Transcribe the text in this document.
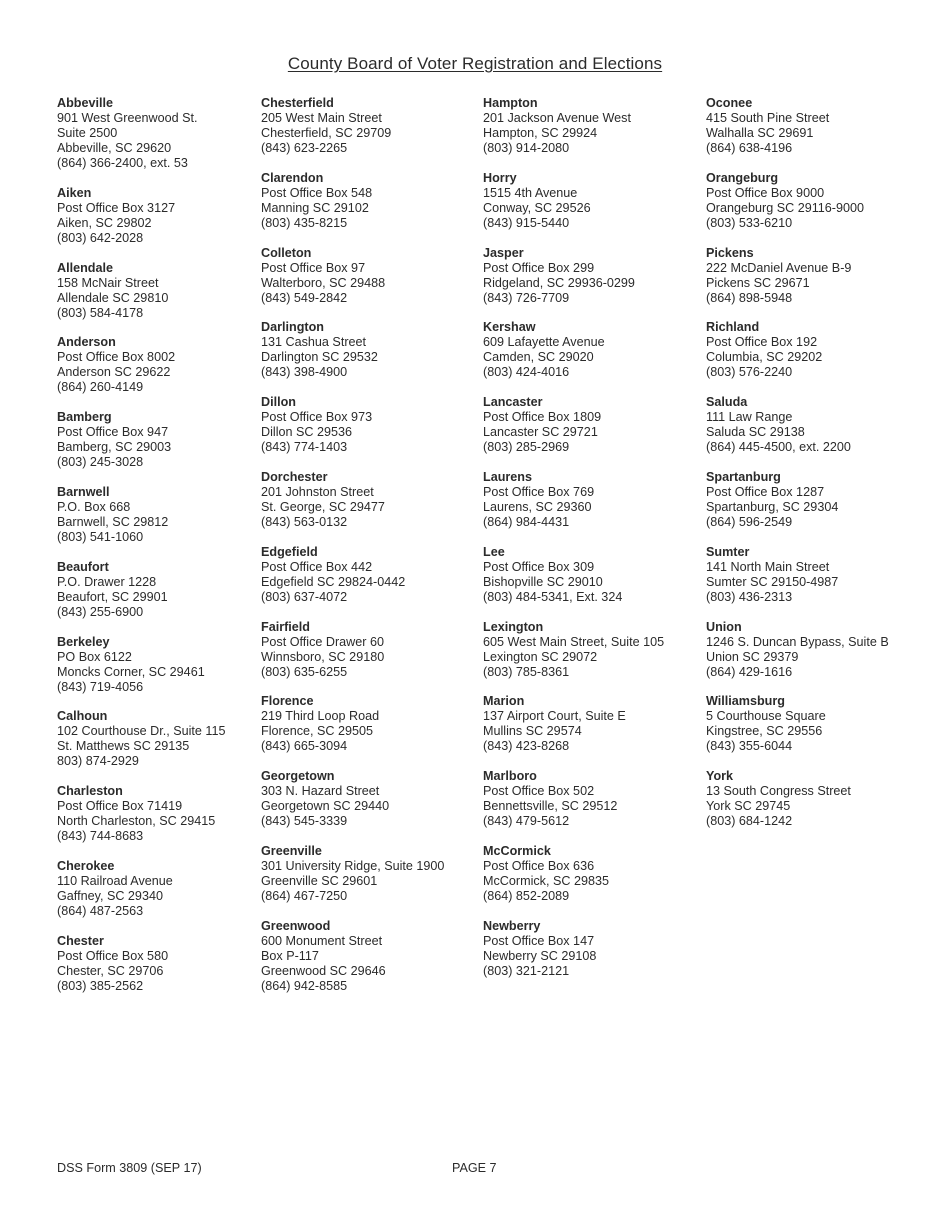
County Board of Voter Registration and Elections
Abbeville
901 West Greenwood St.
Suite 2500
Abbeville, SC 29620
(864) 366-2400, ext. 53
Aiken
Post Office Box 3127
Aiken, SC 29802
(803) 642-2028
Allendale
158 McNair Street
Allendale SC 29810
(803) 584-4178
Anderson
Post Office Box 8002
Anderson SC 29622
(864) 260-4149
Bamberg
Post Office Box 947
Bamberg, SC 29003
(803) 245-3028
Barnwell
P.O. Box 668
Barnwell, SC 29812
(803) 541-1060
Beaufort
P.O. Drawer 1228
Beaufort, SC 29901
(843) 255-6900
Berkeley
PO Box 6122
Moncks Corner, SC 29461
(843) 719-4056
Calhoun
102 Courthouse Dr., Suite 115
St. Matthews SC 29135
803) 874-2929
Charleston
Post Office Box 71419
North Charleston, SC 29415
(843) 744-8683
Cherokee
110 Railroad Avenue
Gaffney, SC 29340
(864) 487-2563
Chester
Post Office Box 580
Chester, SC 29706
(803) 385-2562
Chesterfield
205 West Main Street
Chesterfield, SC 29709
(843) 623-2265
Clarendon
Post Office Box 548
Manning SC 29102
(803) 435-8215
Colleton
Post Office Box 97
Walterboro, SC 29488
(843) 549-2842
Darlington
131 Cashua Street
Darlington SC 29532
(843) 398-4900
Dillon
Post Office Box 973
Dillon SC 29536
(843) 774-1403
Dorchester
201 Johnston Street
St. George, SC 29477
(843) 563-0132
Edgefield
Post Office Box 442
Edgefield SC 29824-0442
(803) 637-4072
Fairfield
Post Office Drawer 60
Winnsboro, SC 29180
(803) 635-6255
Florence
219 Third Loop Road
Florence, SC 29505
(843) 665-3094
Georgetown
303 N. Hazard Street
Georgetown SC 29440
(843) 545-3339
Greenville
301 University Ridge, Suite 1900
Greenville SC 29601
(864) 467-7250
Greenwood
600 Monument Street
Box P-117
Greenwood SC 29646
(864) 942-8585
Hampton
201 Jackson Avenue West
Hampton, SC 29924
(803) 914-2080
Horry
1515 4th Avenue
Conway, SC 29526
(843) 915-5440
Jasper
Post Office Box 299
Ridgeland, SC 29936-0299
(843) 726-7709
Kershaw
609 Lafayette Avenue
Camden, SC 29020
(803) 424-4016
Lancaster
Post Office Box 1809
Lancaster SC 29721
(803) 285-2969
Laurens
Post Office Box 769
Laurens, SC 29360
(864) 984-4431
Lee
Post Office Box 309
Bishopville SC 29010
(803) 484-5341, Ext. 324
Lexington
605 West Main Street, Suite 105
Lexington SC 29072
(803) 785-8361
Marion
137 Airport Court, Suite E
Mullins SC 29574
(843) 423-8268
Marlboro
Post Office Box 502
Bennettsville, SC 29512
(843) 479-5612
McCormick
Post Office Box 636
McCormick, SC 29835
(864) 852-2089
Newberry
Post Office Box 147
Newberry SC 29108
(803) 321-2121
Oconee
415 South Pine Street
Walhalla SC 29691
(864) 638-4196
Orangeburg
Post Office Box 9000
Orangeburg SC 29116-9000
(803) 533-6210
Pickens
222 McDaniel Avenue B-9
Pickens SC 29671
(864) 898-5948
Richland
Post Office Box 192
Columbia, SC 29202
(803) 576-2240
Saluda
111 Law Range
Saluda SC 29138
(864) 445-4500, ext. 2200
Spartanburg
Post Office Box 1287
Spartanburg, SC 29304
(864) 596-2549
Sumter
141 North Main Street
Sumter SC 29150-4987
(803) 436-2313
Union
1246 S. Duncan Bypass, Suite B
Union SC 29379
(864) 429-1616
Williamsburg
5 Courthouse Square
Kingstree, SC 29556
(843) 355-6044
York
13 South Congress Street
York SC 29745
(803) 684-1242
DSS Form 3809 (SEP 17)	PAGE 7
